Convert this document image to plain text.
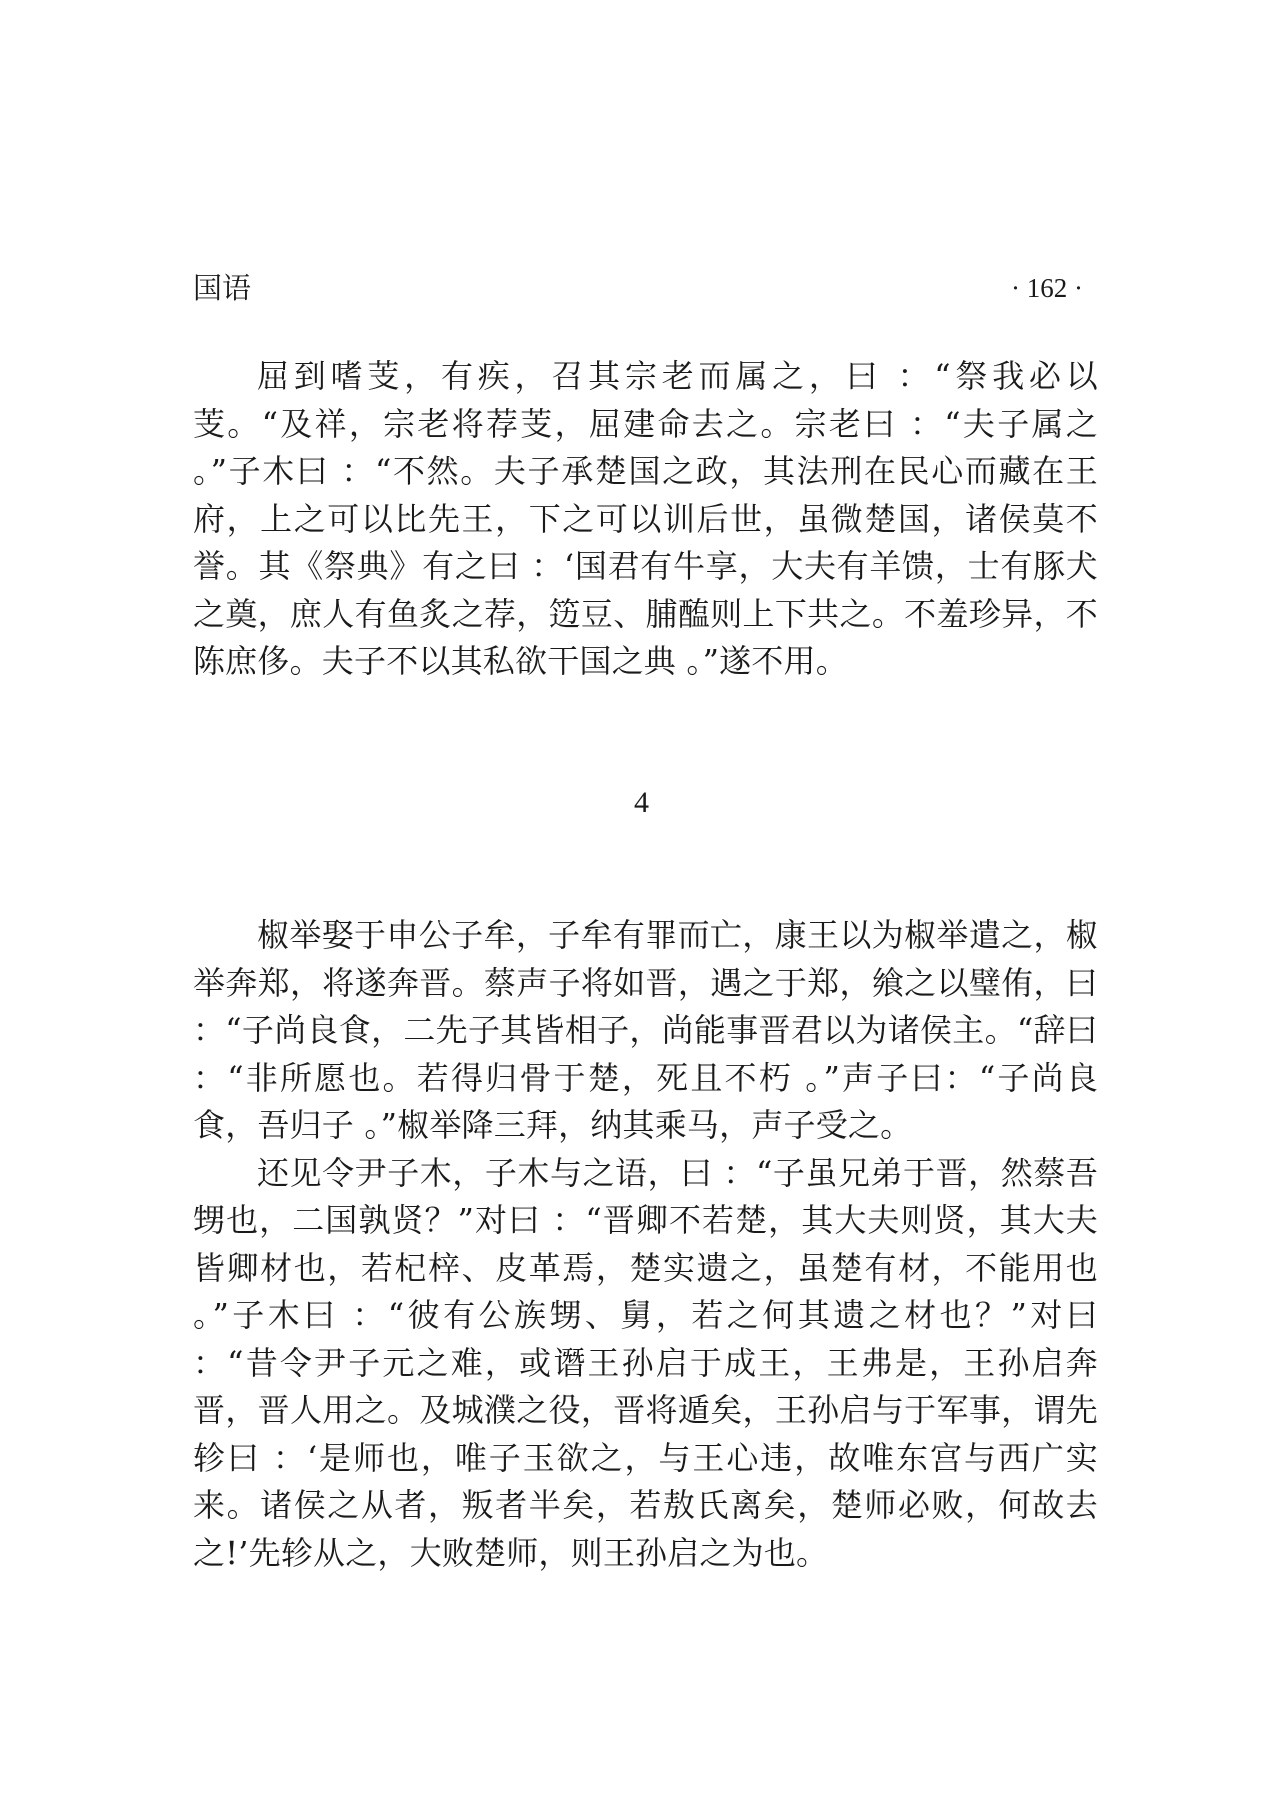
国语	· 162 ·

屈到嗜芰，有疾，召其宗老而属之，曰 ：“祭我必以芰。“及祥，宗老将荐芰，屈建命去之。宗老曰 ：“夫子属之 。”子木曰 ：“不然。夫子承楚国之政，其法刑在民心而藏在王府，上之可以比先王，下之可以训后世，虽微楚国，诸侯莫不誉。其《祭典》有之曰 ：‘国君有牛享，大夫有羊馈，士有豚犬之奠，庶人有鱼炙之荐，笾豆、脯醢则上下共之。不羞珍异，不陈庶侈。夫子不以其私欲干国之典 。”遂不用。

4

椒举娶于申公子牟，子牟有罪而亡，康王以为椒举遣之，椒举奔郑，将遂奔晋。蔡声子将如晋，遇之于郑，飨之以璧侑，曰 ：“子尚良食，二先子其皆相子，尚能事晋君以为诸侯主。“辞曰 ：“非所愿也。若得归骨于楚，死且不朽 。”声子曰：“子尚良食，吾归子 。”椒举降三拜，纳其乘马，声子受之。

还见令尹子木，子木与之语，曰 ：“子虽兄弟于晋，然蔡吾甥也，二国孰贤？”对曰 ：“晋卿不若楚，其大夫则贤，其大夫皆卿材也，若杞梓、皮革焉，楚实遗之，虽楚有材，不能用也 。”子木曰 ：“彼有公族甥、舅，若之何其遗之材也？”对曰 ：“昔令尹子元之难，或谮王孙启于成王，王弗是，王孙启奔晋，晋人用之。及城濮之役，晋将遁矣，王孙启与于军事，谓先轸曰 ：‘是师也，唯子玉欲之，与王心违，故唯东宫与西广实来。诸侯之从者，叛者半矣，若敖氏离矣，楚师必败，何故去之!’先轸从之，大败楚师，则王孙启之为也。
